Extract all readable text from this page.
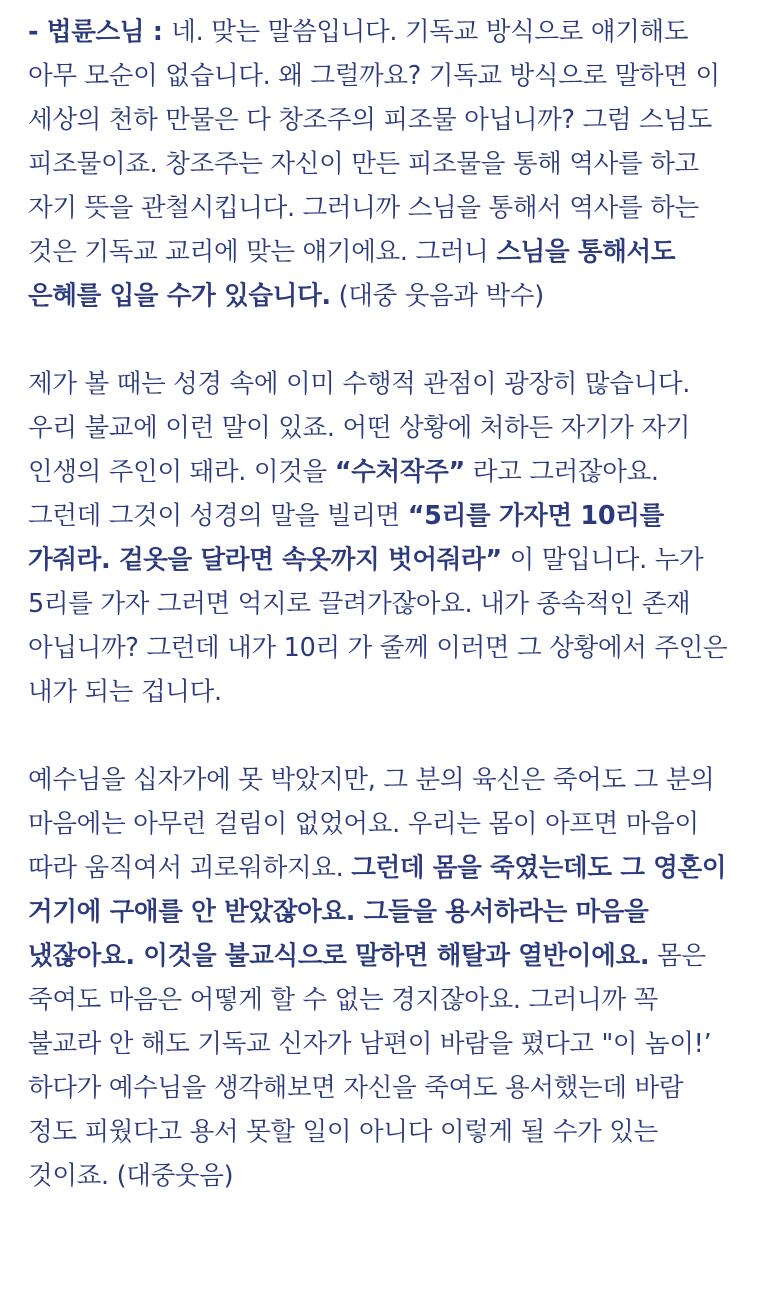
- 법륜스님 : 네. 맞는 말씀입니다. 기독교 방식으로 얘기해도 아무 모순이 없습니다. 왜 그럴까요? 기독교 방식으로 말하면 이 세상의 천하 만물은 다 창조주의 피조물 아닙니까? 그럼 스님도 피조물이죠. 창조주는 자신이 만든 피조물을 통해 역사를 하고 자기 뜻을 관철시킵니다. 그러니까 스님을 통해서 역사를 하는 것은 기독교 교리에 맞는 얘기에요. 그러니 스님을 통해서도 은혜를 입을 수가 있습니다. (대중 웃음과 박수)

제가 볼 때는 성경 속에 이미 수행적 관점이 광장히 많습니다. 우리 불교에 이런 말이 있죠. 어떤 상황에 처하든 자기가 자기 인생의 주인이 돼라. 이것을 “수처작주” 라고 그러잖아요. 그런데 그것이 성경의 말을 빌리면 “5리를 가자면 10리를 가줘라. 겉옷을 달라면 속옷까지 벗어줘라” 이 말입니다. 누가 5리를 가자 그러면 억지로 끌려가잖아요. 내가 종속적인 존재 아닙니까? 그런데 내가 10리 가 줄께 이러면 그 상황에서 주인은 내가 되는 겁니다.

예수님을 십자가에 못 박았지만, 그 분의 육신은 죽어도 그 분의 마음에는 아무런 걸림이 없었어요. 우리는 몸이 아프면 마음이 따라 움직여서 괴로워하지요. 그런데 몸을 죽였는데도 그 영혼이 거기에 구애를 안 받았잖아요. 그들을 용서하라는 마음을 냈잖아요. 이것을 불교식으로 말하면 해탈과 열반이에요. 몸은 죽여도 마음은 어떻게 할 수 없는 경지잖아요. 그러니까 꼭 불교라 안 해도 기독교 신자가 남편이 바람을 폈다고 "이 놈이!’ 하다가 예수님을 생각해보면 자신을 죽여도 용서했는데 바람 정도 피웠다고 용서 못할 일이 아니다 이렇게 될 수가 있는 것이죠. (대중웃음)
